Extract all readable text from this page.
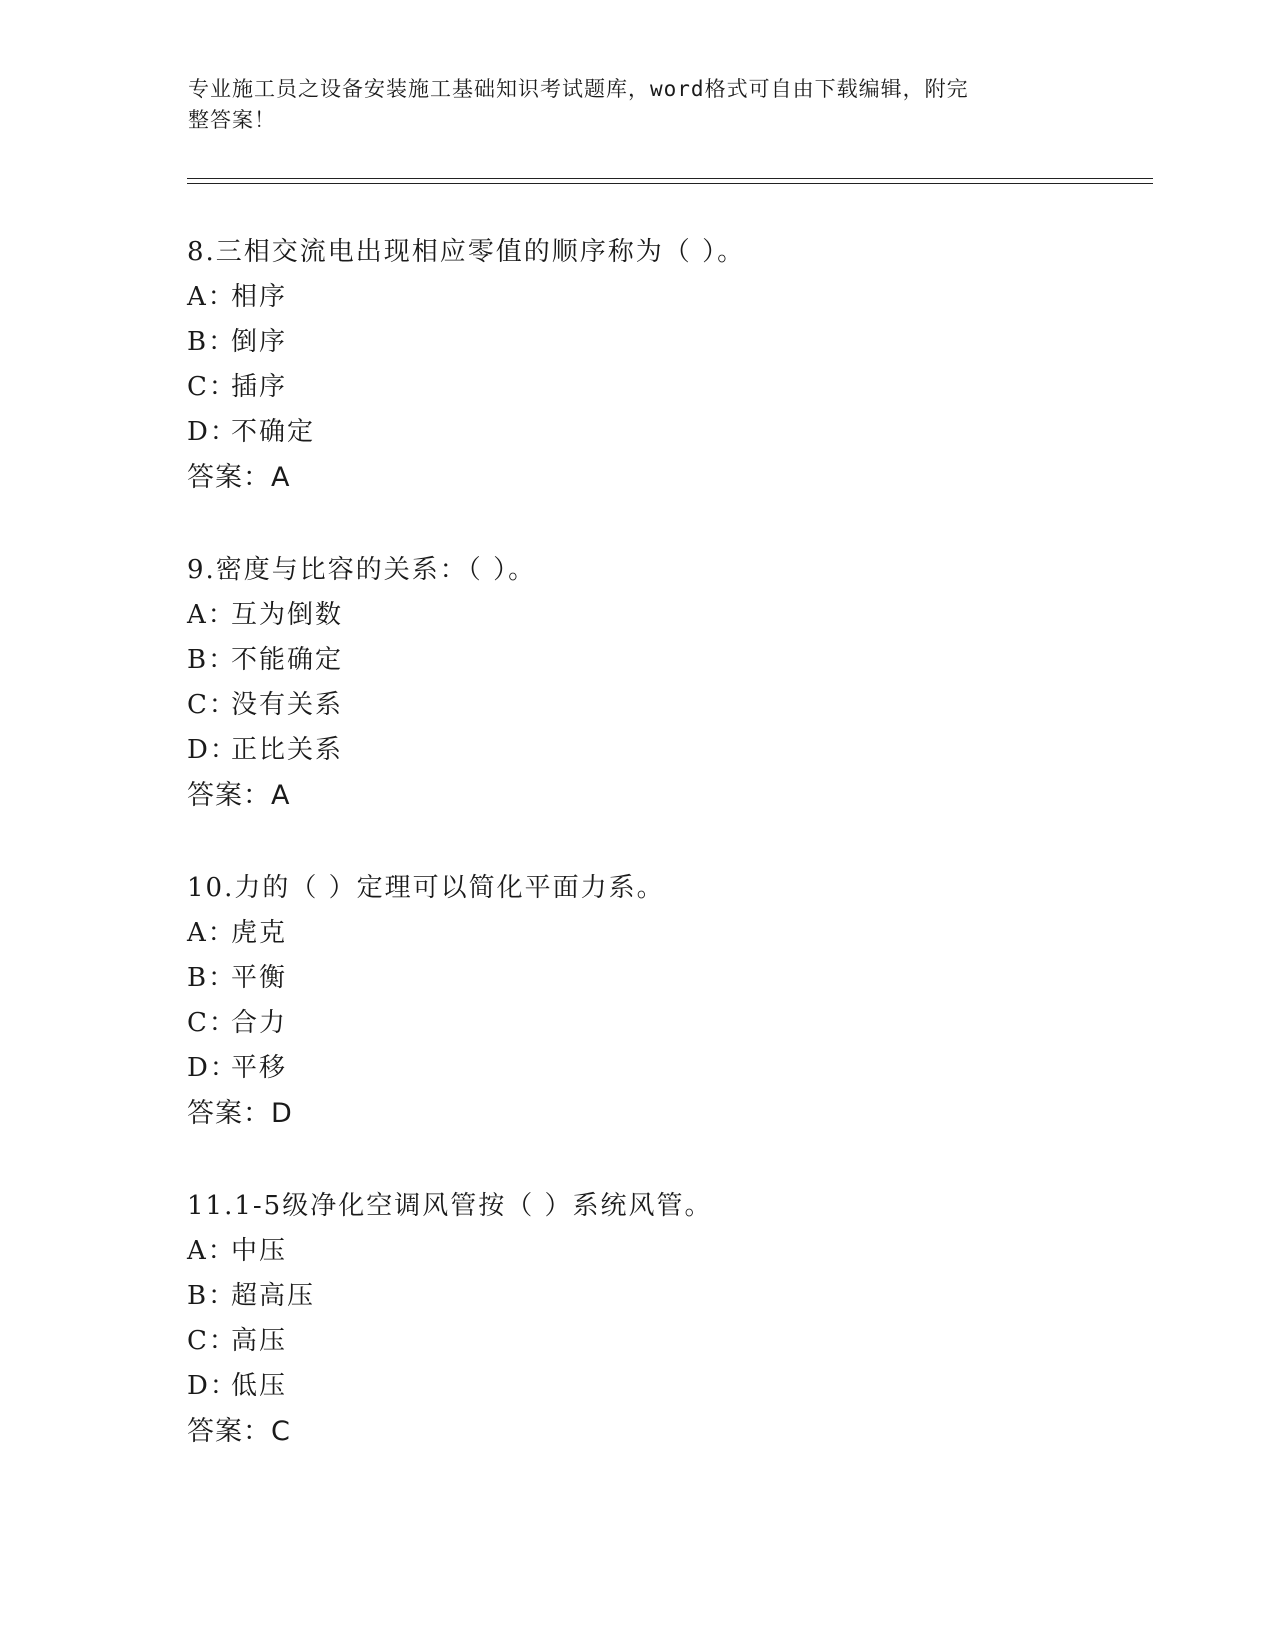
专业施工员之设备安装施工基础知识考试题库，word格式可自由下载编辑，附完
整答案！
8.三相交流电出现相应零值的顺序称为（ ）。
A：相序
B：倒序
C：插序
D：不确定
答案：A
9.密度与比容的关系：（ ）。
A：互为倒数
B：不能确定
C：没有关系
D：正比关系
答案：A
10.力的（ ）定理可以简化平面力系。
A：虎克
B：平衡
C：合力
D：平移
答案：D
11.1-5级净化空调风管按（ ）系统风管。
A：中压
B：超高压
C：高压
D：低压
答案：C
